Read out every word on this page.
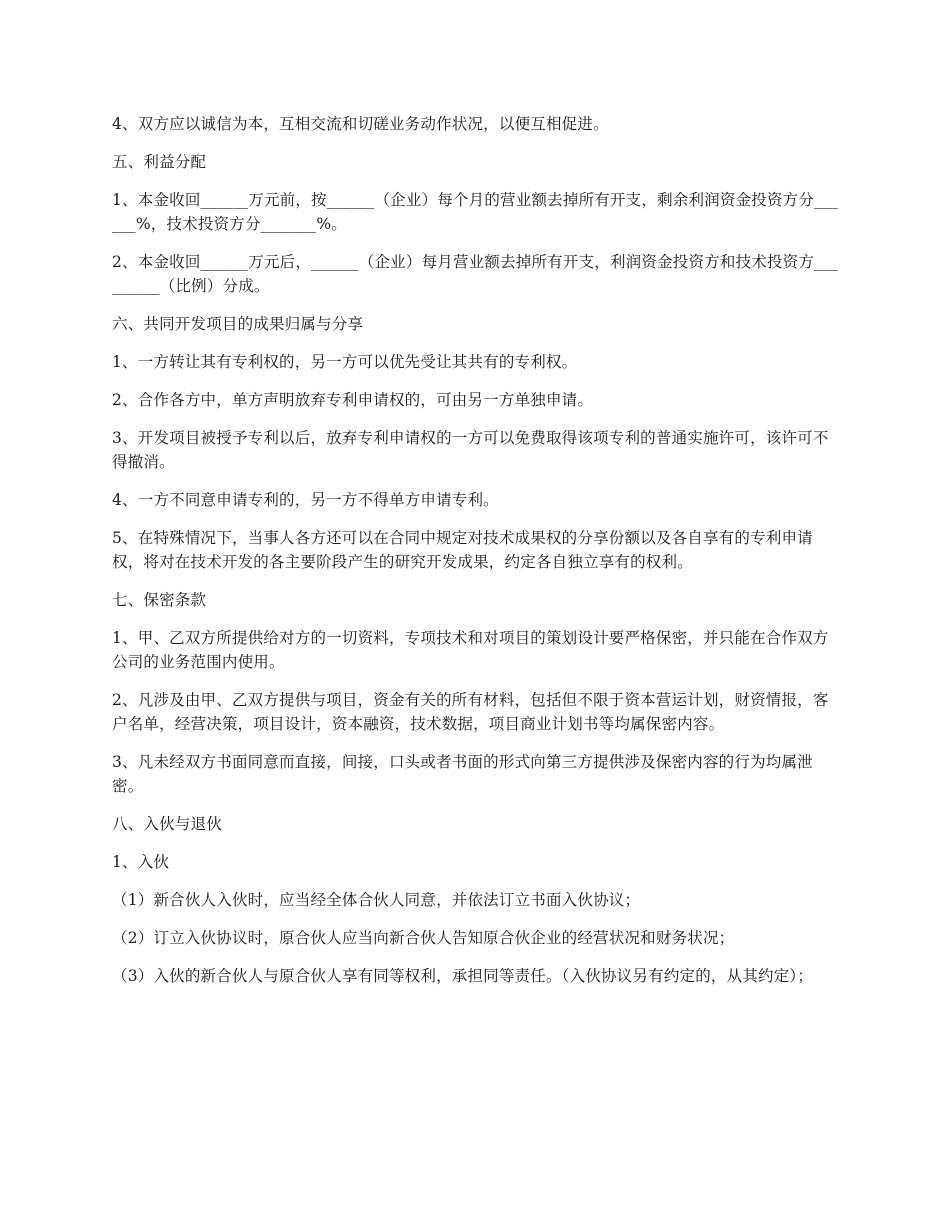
4、双方应以诚信为本，互相交流和切磋业务动作状况，以便互相促进。

五、利益分配

1、本金收回______万元前，按______（企业）每个月的营业额去掉所有开支，剩余利润资金投资方分______%，技术投资方分_______%。

2、本金收回______万元后，______（企业）每月营业额去掉所有开支，利润资金投资方和技术投资方_________（比例）分成。

六、共同开发项目的成果归属与分享

1、一方转让其有专利权的，另一方可以优先受让其共有的专利权。

2、合作各方中，单方声明放弃专利申请权的，可由另一方单独申请。

3、开发项目被授予专利以后，放弃专利申请权的一方可以免费取得该项专利的普通实施许可，该许可不得撤消。

4、一方不同意申请专利的，另一方不得单方申请专利。

5、在特殊情况下，当事人各方还可以在合同中规定对技术成果权的分享份额以及各自享有的专利申请权，将对在技术开发的各主要阶段产生的研究开发成果，约定各自独立享有的权利。

七、保密条款

1、甲、乙双方所提供给对方的一切资料，专项技术和对项目的策划设计要严格保密，并只能在合作双方公司的业务范围内使用。

2、凡涉及由甲、乙双方提供与项目，资金有关的所有材料，包括但不限于资本营运计划，财资情报，客户名单，经营决策，项目设计，资本融资，技术数据，项目商业计划书等均属保密内容。

3、凡未经双方书面同意而直接，间接，口头或者书面的形式向第三方提供涉及保密内容的行为均属泄密。

八、入伙与退伙

1、入伙

（1）新合伙人入伙时，应当经全体合伙人同意，并依法订立书面入伙协议；

（2）订立入伙协议时，原合伙人应当向新合伙人告知原合伙企业的经营状况和财务状况；

（3）入伙的新合伙人与原合伙人享有同等权利，承担同等责任。（入伙协议另有约定的，从其约定）；
